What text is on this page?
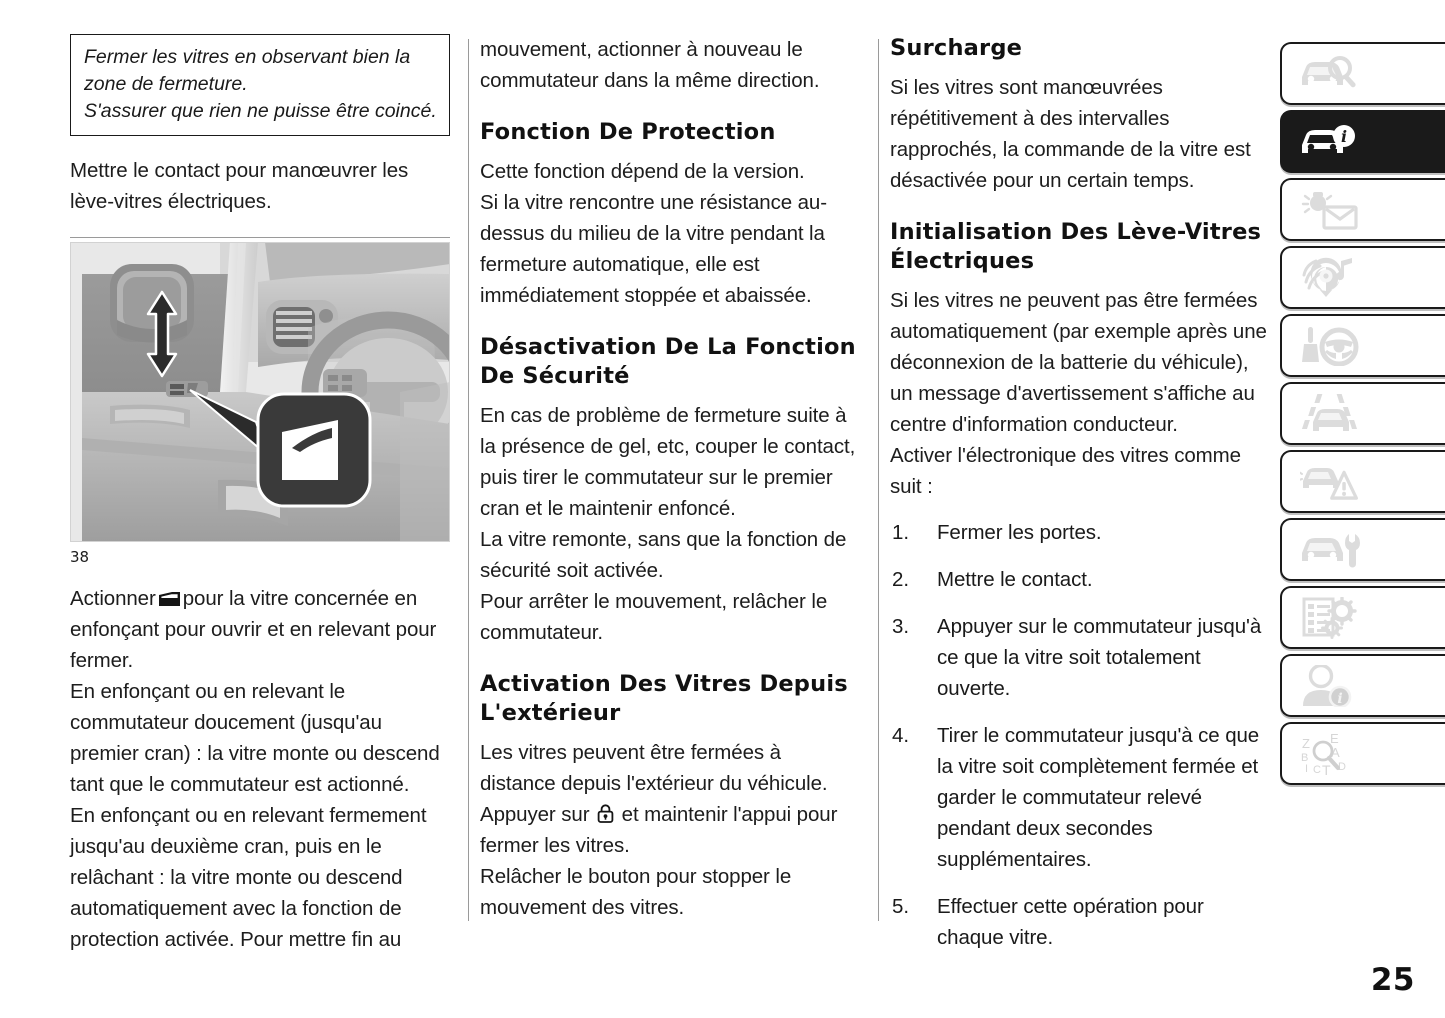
Fermer les vitres en observant bien la zone de fermeture.

S'assurer que rien ne puisse être coincé.

Mettre le contact pour manœuvrer les lève-vitres électriques.

38

Actionner pour la vitre concernée en enfonçant pour ouvrir et en relevant pour fermer.

En enfonçant ou en relevant le commutateur doucement (jusqu'au premier cran) : la vitre monte ou descend tant que le commutateur est actionné.

En enfonçant ou en relevant fermement jusqu'au deuxième cran, puis en le relâchant : la vitre monte ou descend automatiquement avec la fonction de protection activée. Pour mettre fin au

mouvement, actionner à nouveau le commutateur dans la même direction.

Fonction De Protection

Cette fonction dépend de la version.

Si la vitre rencontre une résistance au-dessus du milieu de la vitre pendant la fermeture automatique, elle est immédiatement stoppée et abaissée.

Désactivation De La Fonction De Sécurité

En cas de problème de fermeture suite à la présence de gel, etc, couper le contact, puis tirer le commutateur sur le premier cran et le maintenir enfoncé.

La vitre remonte, sans que la fonction de sécurité soit activée.

Pour arrêter le mouvement, relâcher le commutateur.

Activation Des Vitres Depuis L'extérieur

Les vitres peuvent être fermées à distance depuis l'extérieur du véhicule.

Appuyer sur et maintenir l'appui pour fermer les vitres.

Relâcher le bouton pour stopper le mouvement des vitres.

Surcharge

Si les vitres sont manœuvrées répétitivement à des intervalles rapprochés, la commande de la vitre est désactivée pour un certain temps.

Initialisation Des Lève-Vitres Électriques

Si les vitres ne peuvent pas être fermées automatiquement (par exemple après une déconnexion de la batterie du véhicule), un message d'avertissement s'affiche au centre d'information conducteur.

Activer l'électronique des vitres comme suit :

Fermer les portes.
Mettre le contact.
Appuyer sur le commutateur jusqu'à ce que la vitre soit totalement ouverte.
Tirer le commutateur jusqu'à ce que la vitre soit complètement fermée et garder le commutateur relevé pendant deux secondes supplémentaires.
Effectuer cette opération pour chaque vitre.
i
i
Z E
B A
I C T D
25
